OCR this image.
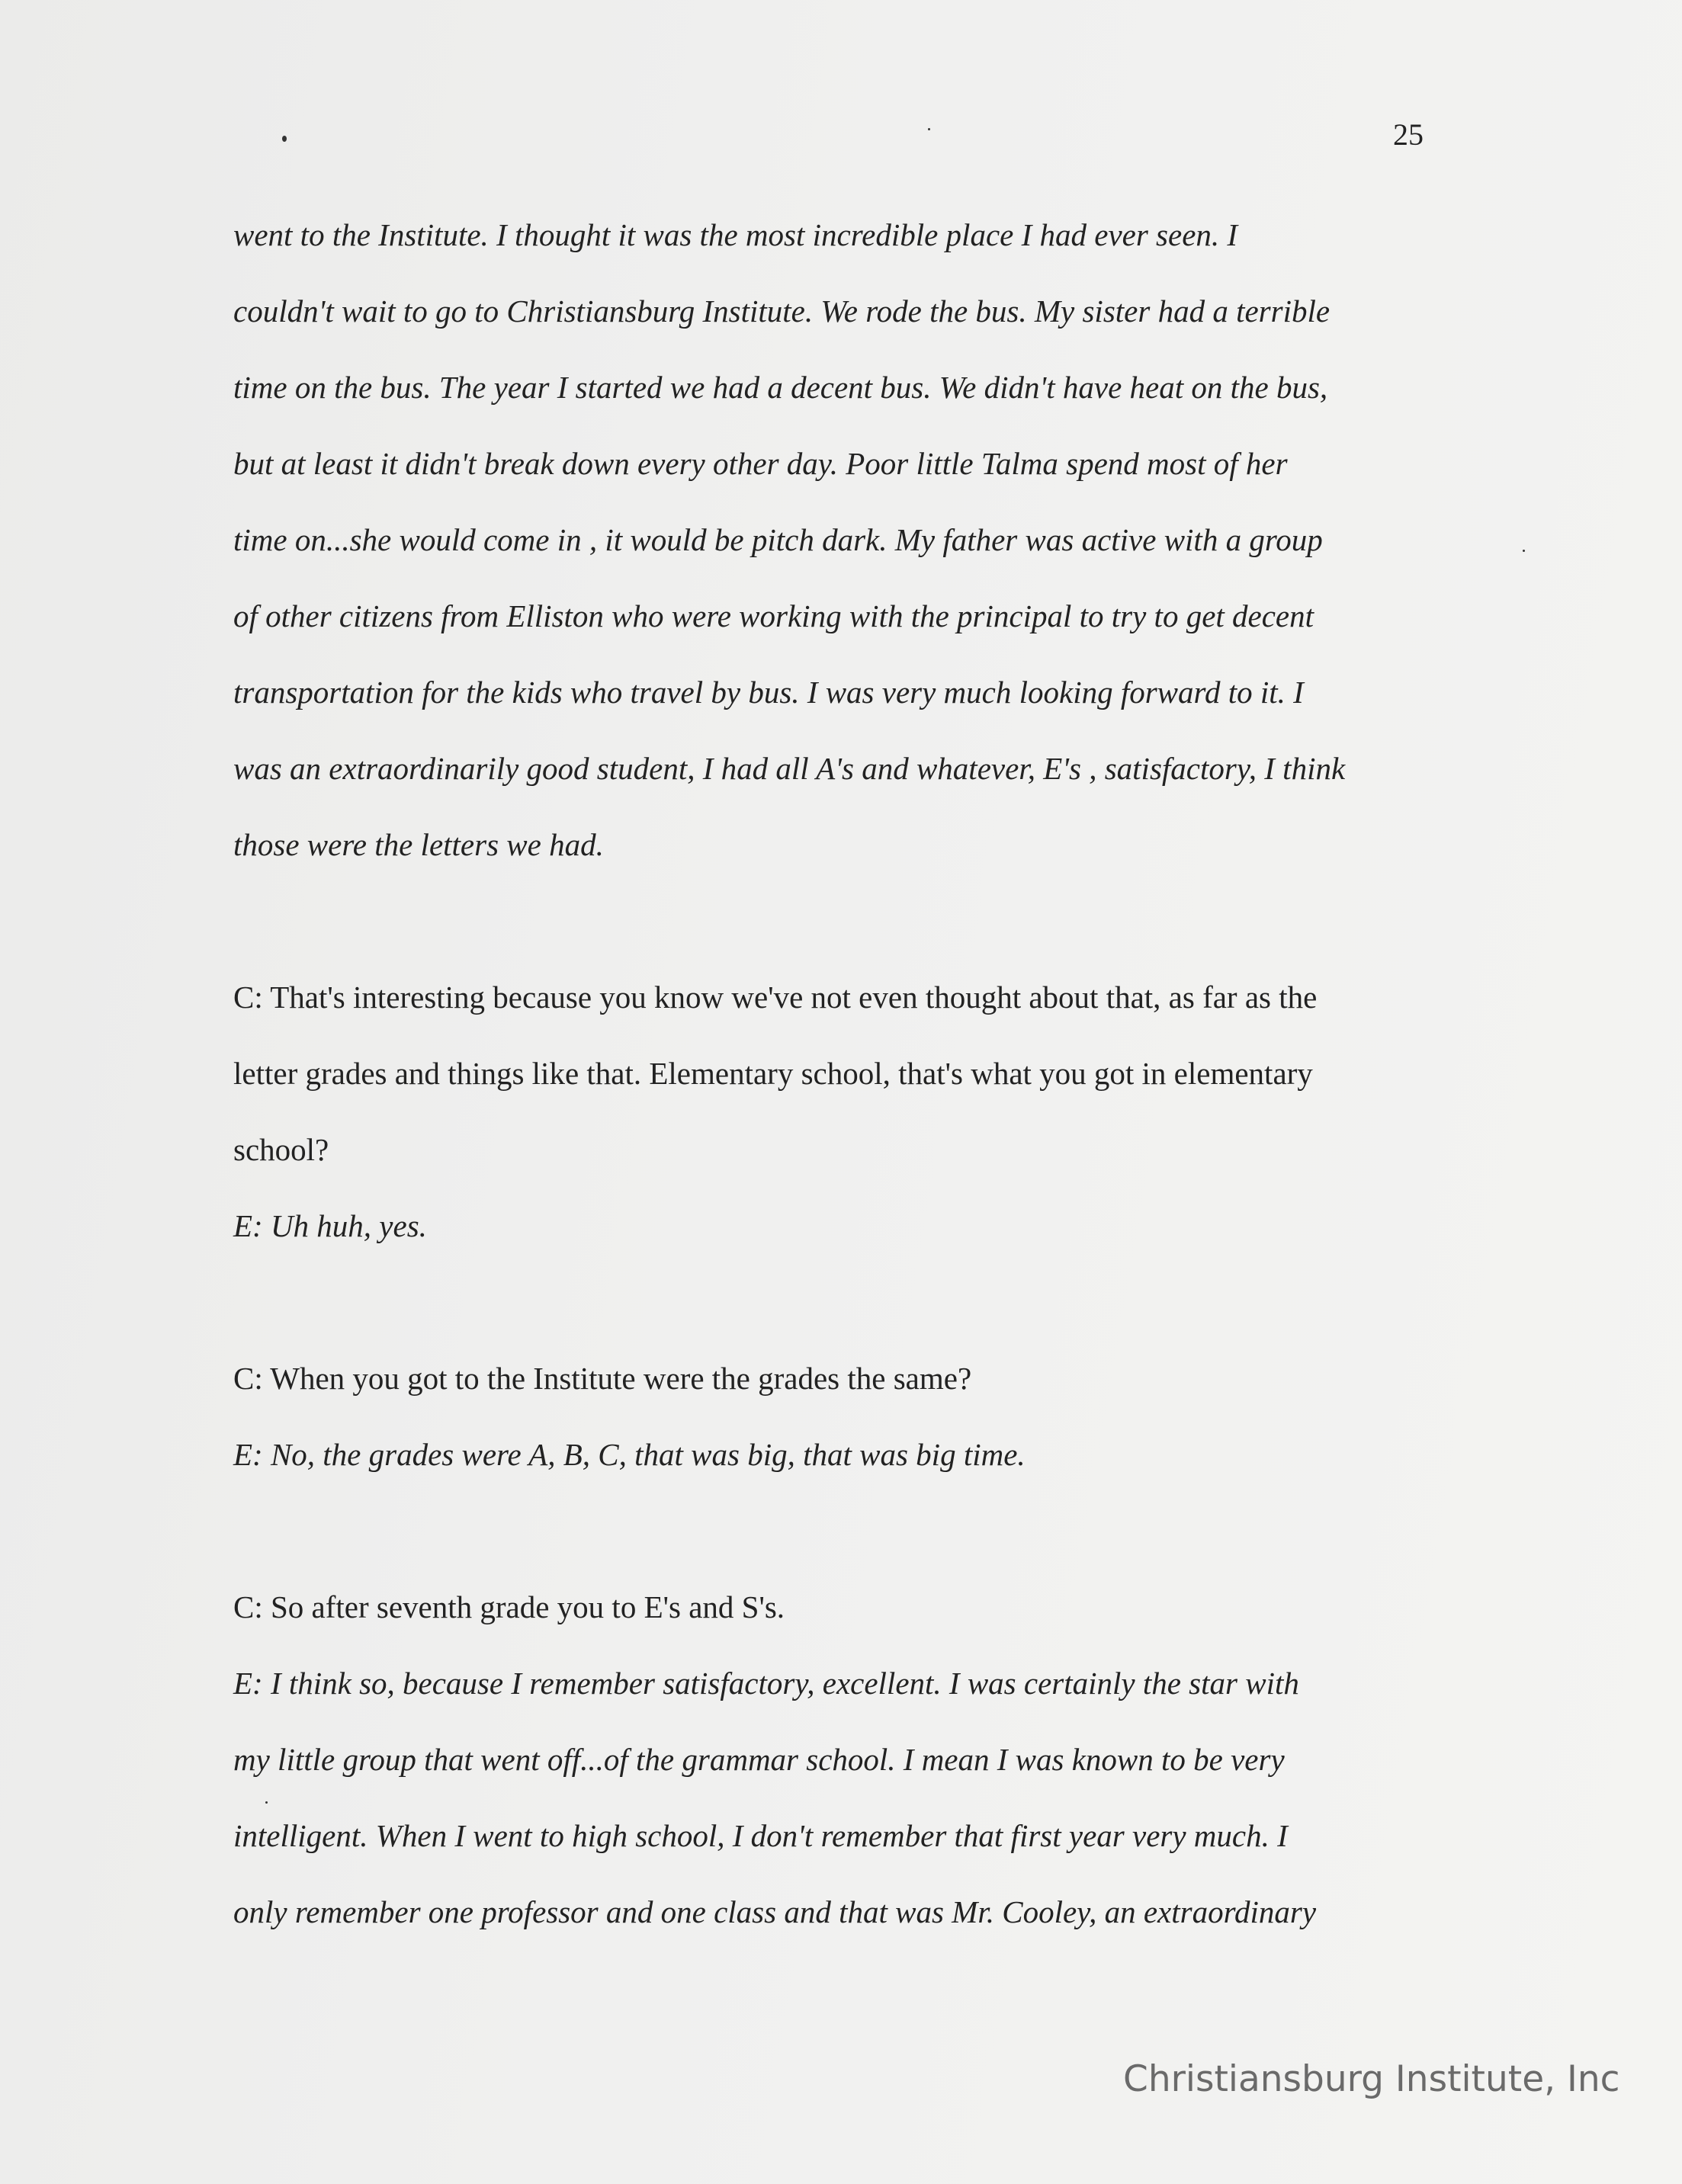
25
went to the Institute. I thought it was the most incredible place I had ever seen. I
couldn't wait to go to Christiansburg Institute. We rode the bus. My sister had a terrible
time on the bus. The year I started we had a decent bus. We didn't have heat on the bus,
but at least it didn't break down every other day. Poor little Talma spend most of her
time on...she would come in , it would be pitch dark. My father was active with a group
of other citizens from Elliston who were working with the principal to try to get decent
transportation for the kids who travel by bus. I was very much looking forward to it. I
was an extraordinarily good student, I had all A's and whatever, E's , satisfactory, I think
those were the letters we had.
C: That's interesting because you know we've not even thought about that, as far as the
letter grades and things like that. Elementary school, that's what you got in elementary
school?
E: Uh huh, yes.
C: When you got to the Institute were the grades the same?
E: No, the grades were A, B, C, that was big, that was big time.
C: So after seventh grade you to E's and S's.
E: I think so, because I remember satisfactory, excellent. I was certainly the star with
my little group that went off...of the grammar school. I mean I was known to be very
intelligent. When I went to high school, I don't remember that first year very much. I
only remember one professor and one class and that was Mr. Cooley, an extraordinary
Christiansburg Institute, Inc
